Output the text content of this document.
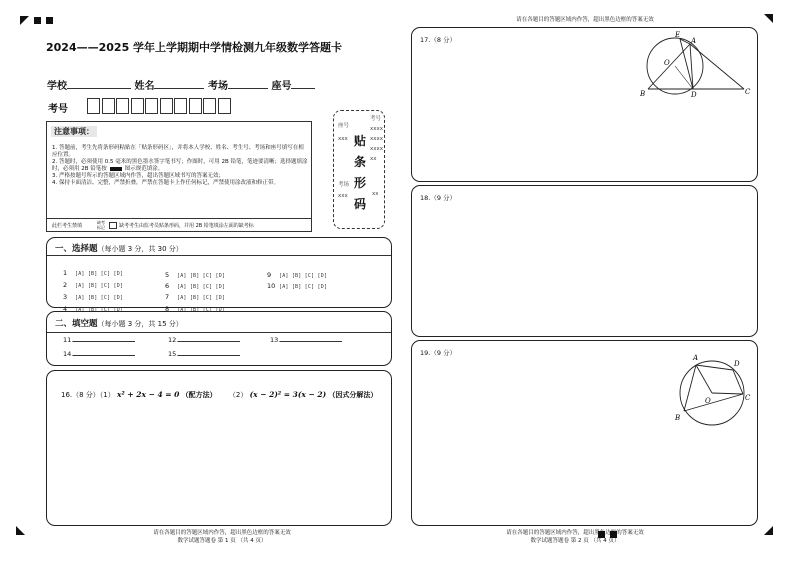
2024——2025 学年上学期期中学情检测九年级数学答题卡
学校	姓名	考场	座号
考号
注意事项：
1. 答题前，考生先将条形码粘贴在「贴条形码区」，并将本人学校、姓名、考生号、考场和座号填写在相应位置。
2. 答题时，必须使用 0.5 毫米的黑色墨水签字笔书写；作图时，可用 2B 铅笔，笔迹要清晰；选择题填涂时，必须用 2B 铅笔按	图示规范填涂。
3. 严格按题号所示的答题区域内作答，超出答题区域书写的答案无效；
4. 保持卡面清洁、完整，严禁折叠，严禁在答题卡上作任何标记，严禁使用涂改液和修正带。
此栏考生禁填
缺考标记	缺考考生由监考员贴条形码，并用 2B 铅笔填涂左面的缺考标
座号
xxx
考号
xxxx
xxxx
xxxx
xx
贴
条
形
码
考场
xxx	xx
一、选择题（每小题 3 分，共 30 分）
1 [A] [B] [C] [D]
2 [A] [B] [C] [D]
3 [A] [B] [C] [D]
4 [A] [B] [C] [D]
5 [A] [B] [C] [D]
6 [A] [B] [C] [D]
7 [A] [B] [C] [D]
8 [A] [B] [C] [D]
9 [A] [B] [C] [D]
10 [A] [B] [C] [D]
二、填空题（每小题 3 分，共 15 分）
11.	12.	13.
14.	15.
16.（8 分）（1） x² + 2x − 4 = 0 （配方法） （2） (x − 2)² = 3(x − 2) （因式分解法）
请在各题目的答题区域内作答，超出黑色边框的答案无效
数学试题答题卷 第 1 页 （共 4 页）
请在各题目的答题区域内作答，超出黑色边框的答案无效
17.（8 分）
E
A
O
B	D	C
18.（9 分）
19.（9 分）
A
D
O	C
B
请在各题目的答题区域内作答，超出黑色边框的答案无效
数学试题答题卷 第 2 页 （共 4 页）
